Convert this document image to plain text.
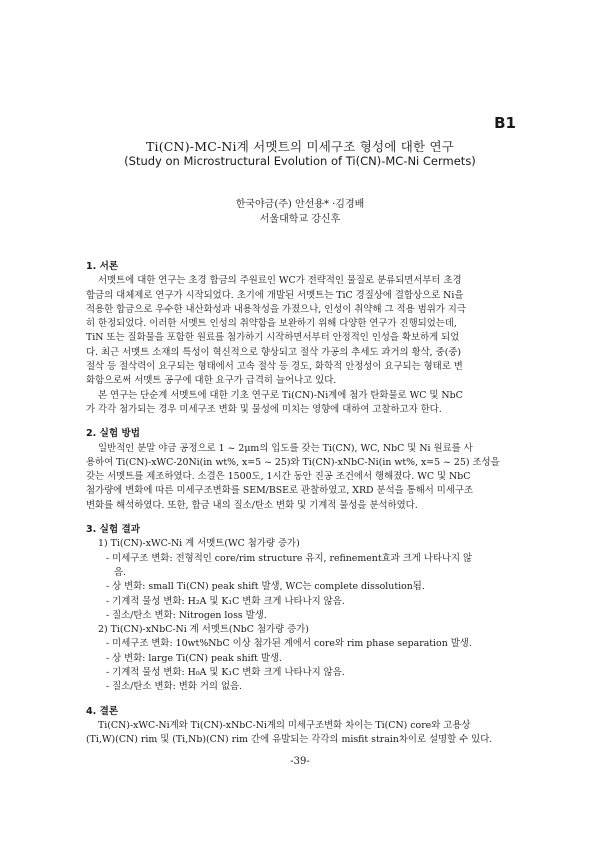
B1
Ti(CN)-MC-Ni계 서멧트의 미세구조 형성에 대한 연구
(Study on Microstructural Evolution of Ti(CN)-MC-Ni Cermets)
한국야금(주) 안선용* ·김경배
서울대학교 강신후

1. 서론

서멧트에 대한 연구는 초경 합금의 주원료인 WC가 전략적인 물질로 분류되면서부터 초경
합금의 대체제로 연구가 시작되었다. 초기에 개발된 서멧트는 TiC 경질상에 결합상으로 Ni을
적용한 합금으로 우수한 내산화성과 내용착성을 가졌으나, 인성이 취약해 그 적용 범위가 지극
히 한정되었다. 이러한 서멧트 인성의 취약함을 보완하기 위해 다양한 연구가 진행되었는데,
TiN 또는 질화물을 포함한 원료를 첨가하기 시작하면서부터 안정적인 인성을 확보하게 되었
다. 최근 서멧트 소재의 특성이 혁신적으로 향상되고 절삭 가공의 추세도 과거의 황삭, 중(중)
절삭 등 절삭력이 요구되는 형태에서 고속 절삭 등 경도, 화학적 안정성이 요구되는 형태로 변
화함으로써 서멧트 공구에 대한 요구가 급격히 늘어나고 있다.

본 연구는 단순계 서멧트에 대한 기초 연구로 Ti(CN)-Ni계에 첨가 탄화물로 WC 및 NbC
가 각각 첨가되는 경우 미세구조 변화 및 물성에 미치는 영향에 대하여 고찰하고자 한다.

2. 실험 방법

일반적인 분말 야금 공정으로 1 ~ 2μm의 입도를 갖는 Ti(CN), WC, NbC 및 Ni 원료를 사
용하여 Ti(CN)-xWC-20Ni(in wt%, x=5 ~ 25)와 Ti(CN)-xNbC-Ni(in wt%, x=5 ~ 25) 조성을
갖는 서멧트를 제조하였다. 소결은 1500도, 1시간 동안 진공 조건에서 행해졌다. WC 및 NbC
첨가량에 변화에 따른 미세구조변화를 SEM/BSE로 관찰하였고, XRD 분석을 통해서 미세구조
변화를 해석하였다. 또한, 합금 내의 질소/탄소 변화 및 기계적 물성을 분석하였다.

3. 실험 결과

1) Ti(CN)-xWC-Ni 계 서멧트(WC 첨가량 증가)

- 미세구조 변화: 전형적인 core/rim structure 유지, refinement효과 크게 나타나지 않

음.

- 상 변화: small Ti(CN) peak shift 발생, WC는 complete dissolution됨.

- 기계적 물성 변화: H₂A 및 K₁C 변화 크게 나타나지 않음.

- 질소/탄소 변화: Nitrogen loss 발생.

2) Ti(CN)-xNbC-Ni 계 서멧트(NbC 첨가량 증가)

- 미세구조 변화: 10wt%NbC 이상 첨가된 계에서 core와 rim phase separation 발생.

- 상 변화: large Ti(CN) peak shift 발생.

- 기계적 물성 변화: H₀A 및 K₁C 변화 크게 나타나지 않음.

- 질소/탄소 변화: 변화 거의 없음.

4. 결론

Ti(CN)-xWC-Ni계와 Ti(CN)-xNbC-Ni계의 미세구조변화 차이는 Ti(CN) core와 고용상
(Ti,W)(CN) rim 및 (Ti,Nb)(CN) rim 간에 유발되는 각각의 misfit strain차이로 설명할 수 있다.

-39-
